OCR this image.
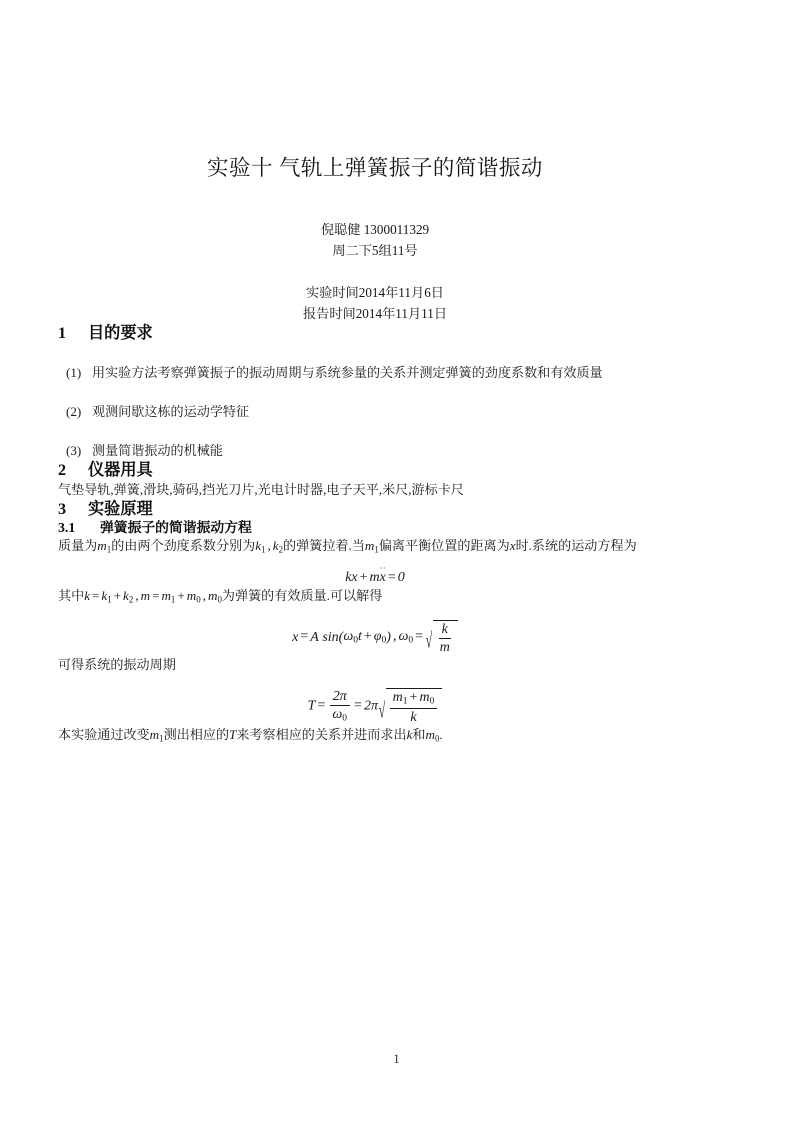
实验十 气轨上弹簧振子的简谐振动
倪聪健 1300011329
周二下5组11号
实验时间2014年11月6日
报告时间2014年11月11日
1	目的要求
(1) 用实验方法考察弹簧振子的振动周期与系统参量的关系并测定弹簧的劲度系数和有效质量
(2) 观测间歇这栋的运动学特征
(3) 测量简谐振动的机械能
2	仪器用具

气垫导轨,弹簧,滑块,骑码,挡光刀片,光电计时器,电子天平,米尺,游标卡尺

3	实验原理
3.1	弹簧振子的简谐振动方程

质量为$m_1$的由两个劲度系数分别为$k_1$ , $k_2$的弹簧拉着.当$m_1$偏离平衡位置的距离为x时.系统的运动方程为

kx + mx
··
= 0

其中$k = k_1 + k_2$ , $m = m_1 + m_0$ , $m_0$为弹簧的有效质量.可以解得

x = A $\sin(\omega_0t + \varphi_0)$ , $\omega_0$ = √ $\frac{k}{m}$

可得系统的振动周期

$T = \frac{2\pi}{\omega_0} = 2\pi$ √ $\frac{m_1 + m_0}{k}$

本实验通过改变$m_1$测出相应的T来考察相应的关系并进而求出k和$m_0$.

1
